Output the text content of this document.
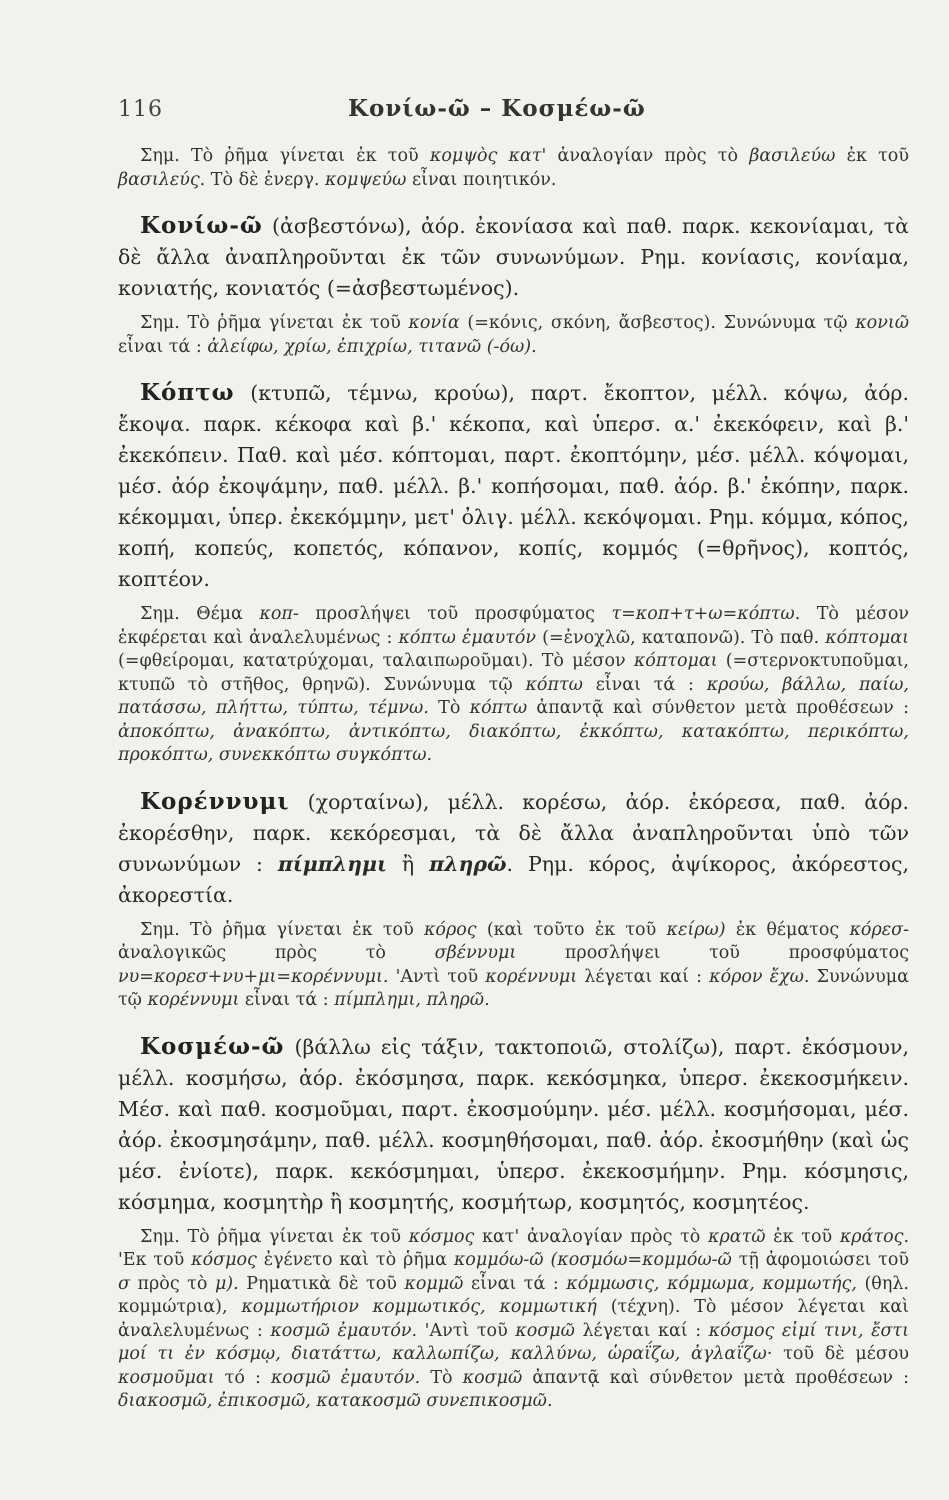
116	Κονίω-ῶ – Κοσμέω-ῶ

Σημ. Τὸ ῥῆμα γίνεται ἐκ τοῦ κομψὸς κατ' ἀναλογίαν πρὸς τὸ βασιλεύω ἐκ τοῦ βασιλεύς. Τὸ δὲ ἐνεργ. κομψεύω εἶναι ποιητικόν.

Κονίω-ῶ (ἀσβεστόνω), ἀόρ. ἐκονίασα καὶ παθ. παρκ. κεκονίαμαι, τὰ δὲ ἄλλα ἀναπληροῦνται ἐκ τῶν συνωνύμων. Ρημ. κονίασις, κονίαμα, κονιατής, κονιατός (=ἀσβεστωμένος).

Σημ. Τὸ ῥῆμα γίνεται ἐκ τοῦ κονία (=κόνις, σκόνη, ἄσβεστος). Συνώνυμα τῷ κονιῶ εἶναι τά : ἀλείφω, χρίω, ἐπιχρίω, τιτανῶ (-όω).

Κόπτω (κτυπῶ, τέμνω, κρούω), παρτ. ἔκοπτον, μέλλ. κόψω, ἀόρ. ἔκοψα. παρκ. κέκοφα καὶ β.' κέκοπα, καὶ ὑπερσ. α.' ἐκεκόφειν, καὶ β.' ἐκεκόπειν. Παθ. καὶ μέσ. κόπτομαι, παρτ. ἐκοπτόμην, μέσ. μέλλ. κόψομαι, μέσ. ἀόρ ἐκοψάμην, παθ. μέλλ. β.' κοπήσομαι, παθ. ἀόρ. β.' ἐκόπην, παρκ. κέκομμαι, ὑπερ. ἐκεκόμμην, μετ' ὀλιγ. μέλλ. κεκόψομαι. Ρημ. κόμμα, κόπος, κοπή, κοπεύς, κοπετός, κόπανον, κοπίς, κομμός (=θρῆνος), κοπτός, κοπτέον.

Σημ. Θέμα κοπ- προσλήψει τοῦ προσφύματος τ=κοπ+τ+ω=κόπτω. Τὸ μέσον ἐκφέρεται καὶ ἀναλελυμένως : κόπτω ἐμαυτόν (=ἐνοχλῶ, καταπονῶ). Τὸ παθ. κόπτομαι (=φθείρομαι, κατατρύχομαι, ταλαιπωροῦμαι). Τὸ μέσον κόπτομαι (=στερνοκτυποῦμαι, κτυπῶ τὸ στῆθος, θρηνῶ). Συνώνυμα τῷ κόπτω εἶναι τά : κρούω, βάλλω, παίω, πατάσσω, πλήττω, τύπτω, τέμνω. Τὸ κόπτω ἀπαντᾷ καὶ σύνθετον μετὰ προθέσεων : ἀποκόπτω, ἀνακόπτω, ἀντικόπτω, διακόπτω, ἐκκόπτω, κατακόπτω, περικόπτω, προκόπτω, συνεκκόπτω συγκόπτω.

Κορέννυμι (χορταίνω), μέλλ. κορέσω, ἀόρ. ἐκόρεσα, παθ. ἀόρ. ἐκορέσθην, παρκ. κεκόρεσμαι, τὰ δὲ ἄλλα ἀναπληροῦνται ὑπὸ τῶν συνωνύμων : πίμπλημι ἢ πληρῶ. Ρημ. κόρος, ἀψίκορος, ἀκόρεστος, ἀκορεστία.

Σημ. Τὸ ῥῆμα γίνεται ἐκ τοῦ κόρος (καὶ τοῦτο ἐκ τοῦ κείρω) ἐκ θέματος κόρεσ- ἀναλογικῶς πρὸς τὸ σβέννυμι προσλήψει τοῦ προσφύματος νυ=κορεσ+νυ+μι=κορέννυμι. 'Αντὶ τοῦ κορέννυμι λέγεται καί : κόρον ἔχω. Συνώνυμα τῷ κορέννυμι εἶναι τά : πίμπλημι, πληρῶ.

Κοσμέω-ῶ (βάλλω εἰς τάξιν, τακτοποιῶ, στολίζω), παρτ. ἐκόσμουν, μέλλ. κοσμήσω, ἀόρ. ἐκόσμησα, παρκ. κεκόσμηκα, ὑπερσ. ἐκεκοσμήκειν. Μέσ. καὶ παθ. κοσμοῦμαι, παρτ. ἐκοσμούμην. μέσ. μέλλ. κοσμήσομαι, μέσ. ἀόρ. ἐκοσμησάμην, παθ. μέλλ. κοσμηθήσομαι, παθ. ἀόρ. ἐκοσμήθην (καὶ ὡς μέσ. ἐνίοτε), παρκ. κεκόσμημαι, ὑπερσ. ἐκεκοσμήμην. Ρημ. κόσμησις, κόσμημα, κοσμητὴρ ἢ κοσμητής, κοσμήτωρ, κοσμητός, κοσμητέος.

Σημ. Τὸ ῥῆμα γίνεται ἐκ τοῦ κόσμος κατ' ἀναλογίαν πρὸς τὸ κρατῶ ἐκ τοῦ κράτος. 'Εκ τοῦ κόσμος ἐγένετο καὶ τὸ ῥῆμα κομμόω-ῶ (κοσμόω=κομμόω-ῶ τῇ ἀφομοιώσει τοῦ σ πρὸς τὸ μ). Ρηματικὰ δὲ τοῦ κομμῶ εἶναι τά : κόμμωσις, κόμμωμα, κομμωτής, (θηλ. κομμώτρια), κομμωτήριον κομμωτικός, κομμωτική (τέχνη). Τὸ μέσον λέγεται καὶ ἀναλελυμένως : κοσμῶ ἐμαυτόν. 'Αντὶ τοῦ κοσμῶ λέγεται καί : κόσμος εἰμί τινι, ἔστι μοί τι ἐν κόσμῳ, διατάττω, καλλωπίζω, καλλύνω, ὡραΐζω, ἀγλαΐζω· τοῦ δὲ μέσου κοσμοῦμαι τό : κοσμῶ ἐμαυτόν. Τὸ κοσμῶ ἀπαντᾷ καὶ σύνθετον μετὰ προθέσεων : διακοσμῶ, ἐπικοσμῶ, κατακοσμῶ συνεπικοσμῶ.
